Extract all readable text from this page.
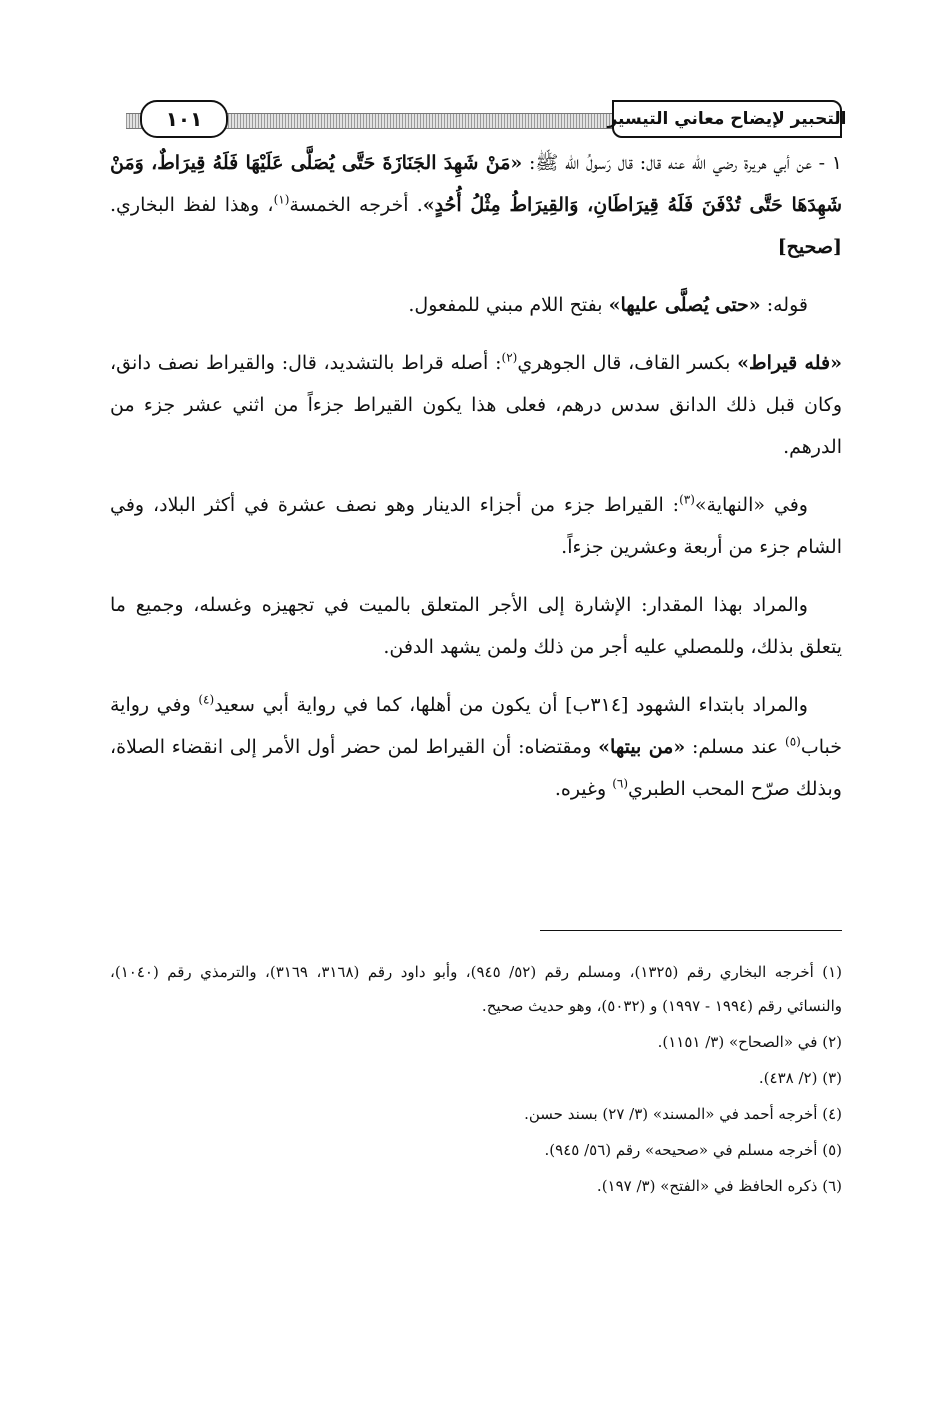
١٠١	التحبير لإيضاح معاني التيسير

١ - عن أبي هريرة رضي الله عنه قال: قال رَسولُ الله ﷺ: «مَنْ شَهِدَ الجَنَازَةَ حَتَّى يُصَلَّى عَلَيْهَا فَلَهُ قِيرَاطٌ، وَمَنْ شَهِدَهَا حَتَّى تُدْفَنَ فَلَهُ قِيرَاطَانِ، وَالقِيرَاطُ مِثْلُ أُحُدٍ». أخرجه الخمسة$^{(١)}$، وهذا لفظ البخاري. [صحيح]

قوله: «حتى يُصلَّى عليها» بفتح اللام مبني للمفعول.

«فله قيراط» بكسر القاف، قال الجوهري$^{(٢)}$: أصله قراط بالتشديد، قال: والقيراط نصف دانق، وكان قبل ذلك الدانق سدس درهم، فعلى هذا يكون القيراط جزءاً من اثني عشر جزء من الدرهم.

وفي «النهاية»$^{(٣)}$: القيراط جزء من أجزاء الدينار وهو نصف عشرة في أكثر البلاد، وفي الشام جزء من أربعة وعشرين جزءاً.

والمراد بهذا المقدار: الإشارة إلى الأجر المتعلق بالميت في تجهيزه وغسله، وجميع ما يتعلق بذلك، وللمصلي عليه أجر من ذلك ولمن يشهد الدفن.

والمراد بابتداء الشهود [٣١٤ب] أن يكون من أهلها، كما في رواية أبي سعيد$^{(٤)}$ وفي رواية خباب$^{(٥)}$ عند مسلم: «من بيتها» ومقتضاه: أن القيراط لمن حضر أول الأمر إلى انقضاء الصلاة، وبذلك صرّح المحب الطبري$^{(٦)}$ وغيره.

(١) أخرجه البخاري رقم (١٣٢٥)، ومسلم رقم (٥٢/ ٩٤٥)، وأبو داود رقم (٣١٦٨، ٣١٦٩)، والترمذي رقم (١٠٤٠)، والنسائي رقم (١٩٩٤ - ١٩٩٧) و (٥٠٣٢)، وهو حديث صحيح.

(٢) في «الصحاح» (٣/ ١١٥١).

(٣) (٢/ ٤٣٨).

(٤) أخرجه أحمد في «المسند» (٣/ ٢٧) بسند حسن.

(٥) أخرجه مسلم في «صحيحه» رقم (٥٦/ ٩٤٥).

(٦) ذكره الحافظ في «الفتح» (٣/ ١٩٧).
